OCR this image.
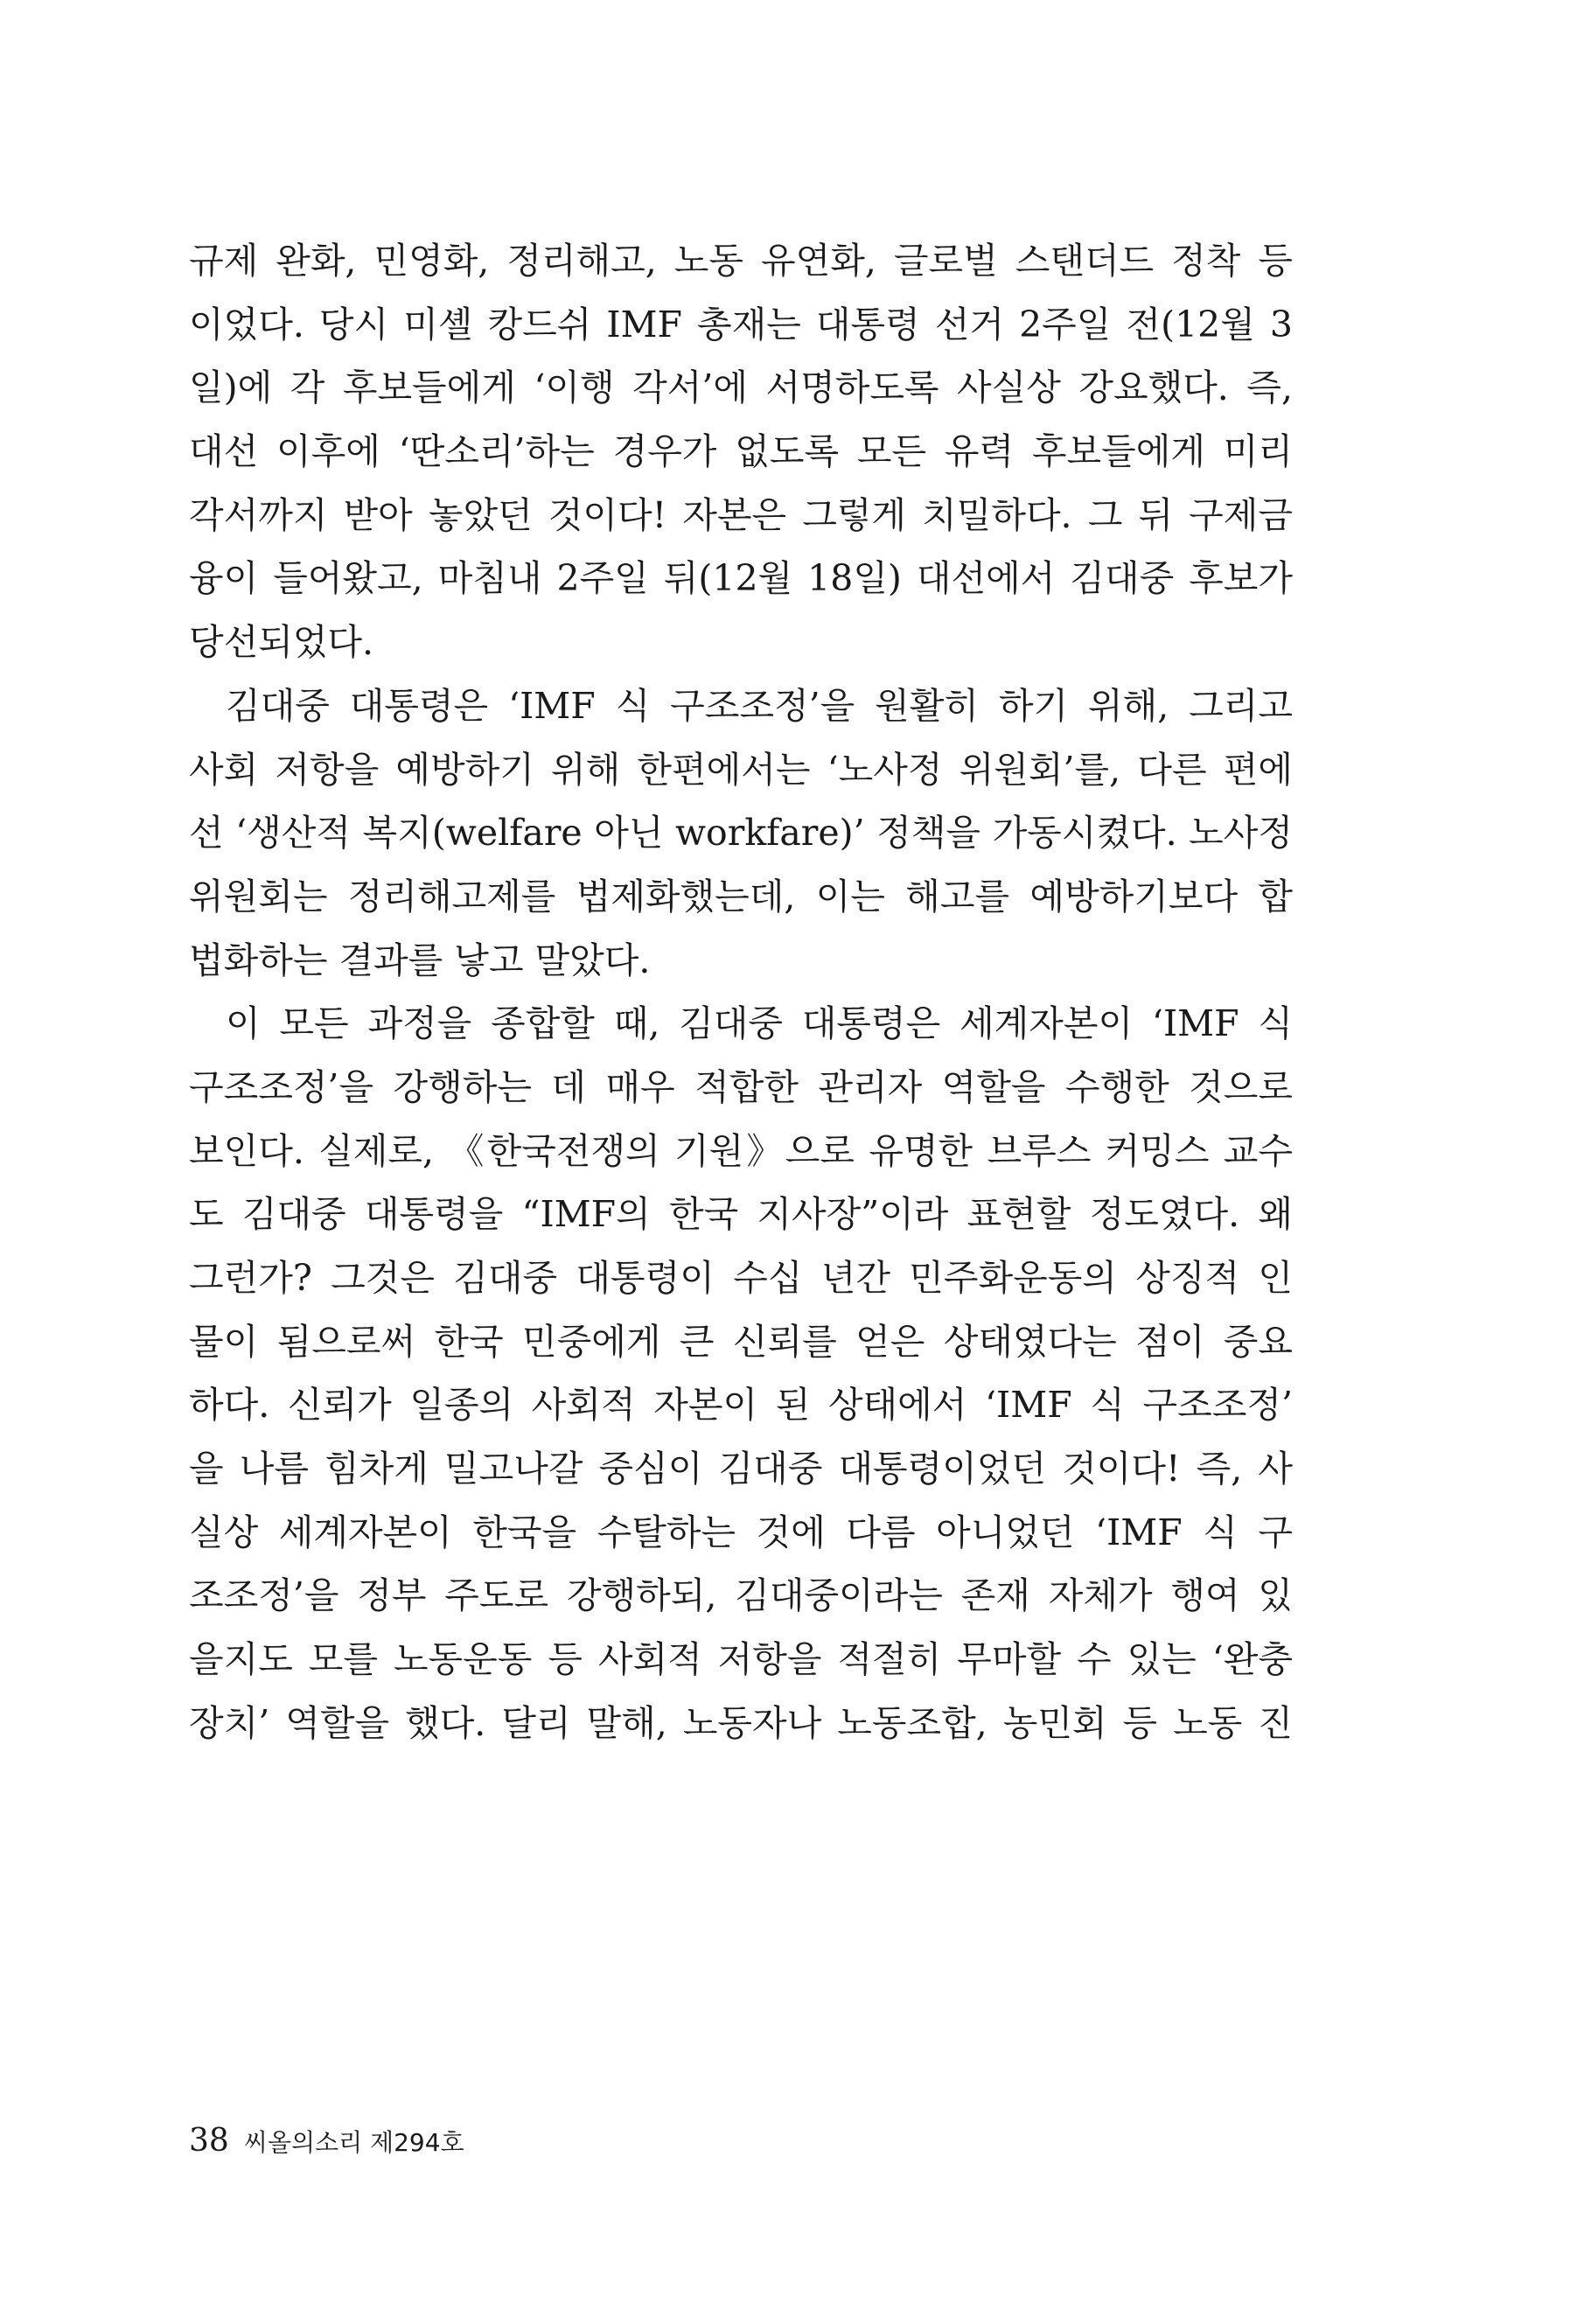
규제 완화, 민영화, 정리해고, 노동 유연화, 글로벌 스탠더드 정착 등
이었다. 당시 미셸 캉드쉬 IMF 총재는 대통령 선거 2주일 전(12월 3
일)에 각 후보들에게 ‘이행 각서’에 서명하도록 사실상 강요했다. 즉,
대선 이후에 ‘딴소리’하는 경우가 없도록 모든 유력 후보들에게 미리
각서까지 받아 놓았던 것이다! 자본은 그렇게 치밀하다. 그 뒤 구제금
융이 들어왔고, 마침내 2주일 뒤(12월 18일) 대선에서 김대중 후보가
당선되었다.
김대중 대통령은 ‘IMF 식 구조조정’을 원활히 하기 위해, 그리고
사회 저항을 예방하기 위해 한편에서는 ‘노사정 위원회’를, 다른 편에
선 ‘생산적 복지(welfare 아닌 workfare)’ 정책을 가동시켰다. 노사정
위원회는 정리해고제를 법제화했는데, 이는 해고를 예방하기보다 합
법화하는 결과를 낳고 말았다.
이 모든 과정을 종합할 때, 김대중 대통령은 세계자본이 ‘IMF 식
구조조정’을 강행하는 데 매우 적합한 관리자 역할을 수행한 것으로
보인다. 실제로, 《한국전쟁의 기원》으로 유명한 브루스 커밍스 교수
도 김대중 대통령을 “IMF의 한국 지사장”이라 표현할 정도였다. 왜
그런가? 그것은 김대중 대통령이 수십 년간 민주화운동의 상징적 인
물이 됨으로써 한국 민중에게 큰 신뢰를 얻은 상태였다는 점이 중요
하다. 신뢰가 일종의 사회적 자본이 된 상태에서 ‘IMF 식 구조조정’
을 나름 힘차게 밀고나갈 중심이 김대중 대통령이었던 것이다! 즉, 사
실상 세계자본이 한국을 수탈하는 것에 다름 아니었던 ‘IMF 식 구
조조정’을 정부 주도로 강행하되, 김대중이라는 존재 자체가 행여 있
을지도 모를 노동운동 등 사회적 저항을 적절히 무마할 수 있는 ‘완충
장치’ 역할을 했다. 달리 말해, 노동자나 노동조합, 농민회 등 노동 진
38 씨올의소리 제294호
